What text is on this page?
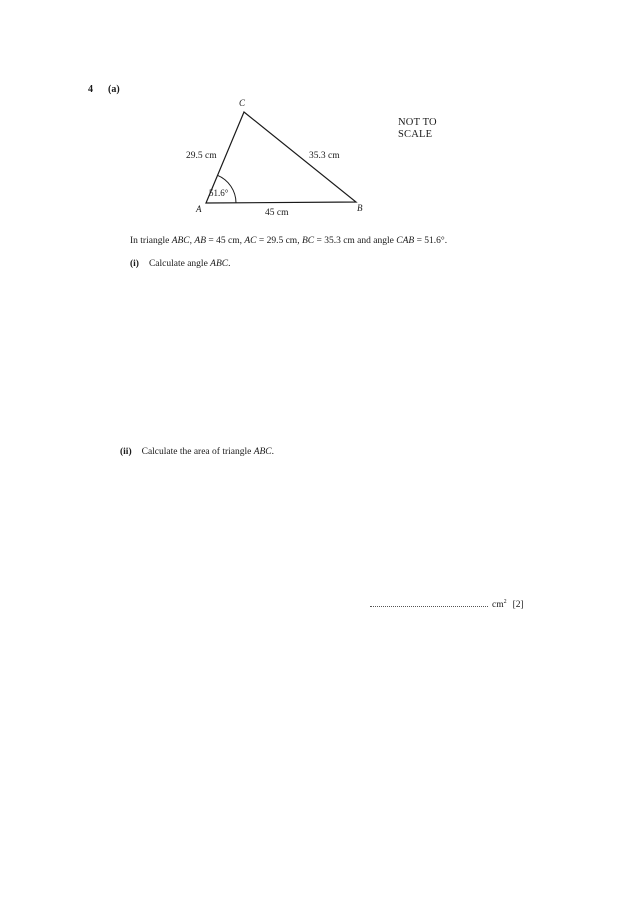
4 (a)
NOT TO
SCALE
C
A	B
29.5 cm	35.3 cm
45 cm
51.6°
In triangle ABC, AB = 45 cm, AC = 29.5 cm, BC = 35.3 cm and angle CAB = 51.6°.
(i) Calculate angle ABC.
(ii) Calculate the area of triangle ABC.
$cm^2$ [2]
